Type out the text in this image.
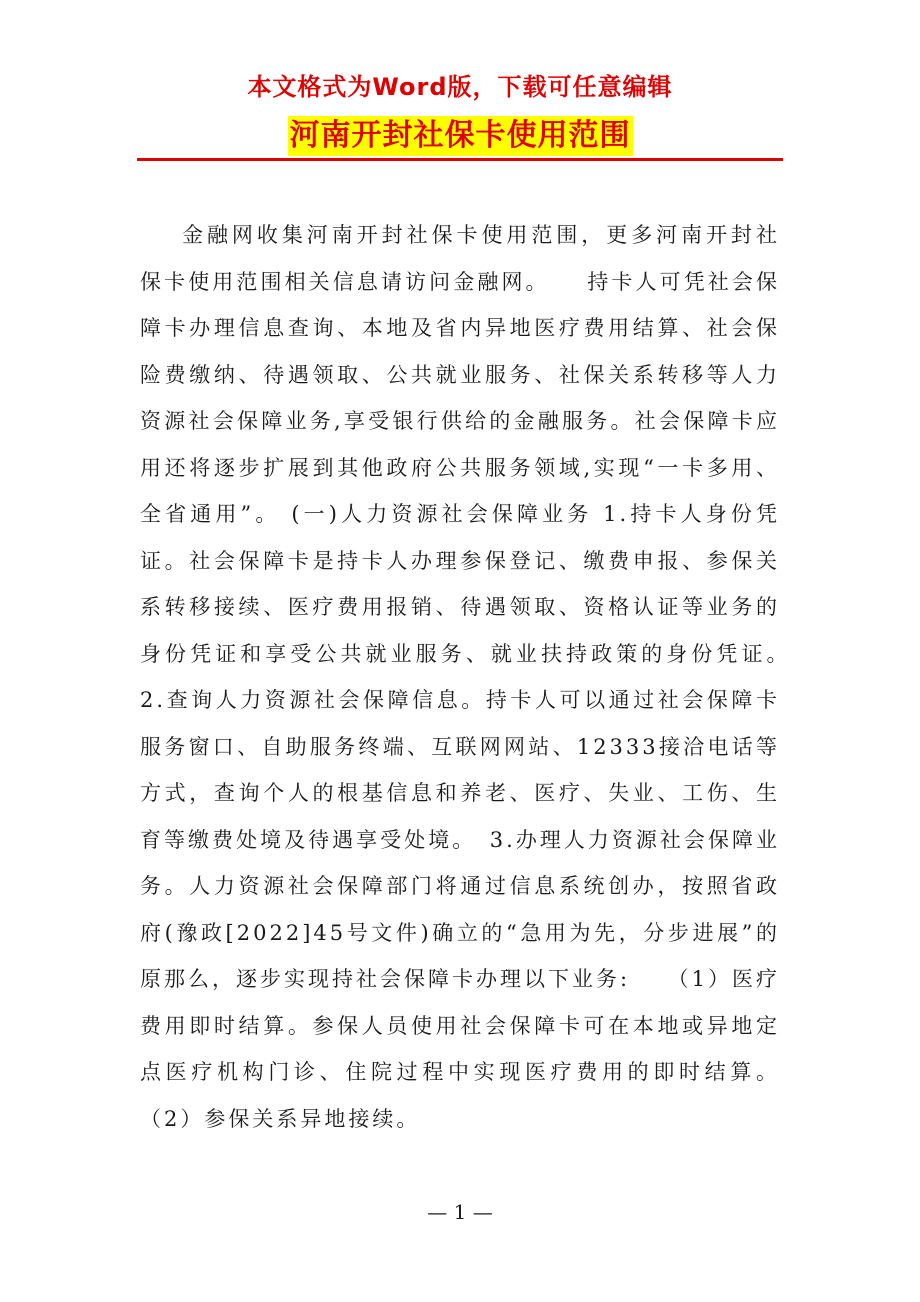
本文格式为Word版，下载可任意编辑
河南开封社保卡使用范围

金融网收集河南开封社保卡使用范围，更多河南开封社保卡使用范围相关信息请访问金融网。　　持卡人可凭社会保障卡办理信息查询、本地及省内异地医疗费用结算、社会保险费缴纳、待遇领取、公共就业服务、社保关系转移等人力资源社会保障业务,享受银行供给的金融服务。社会保障卡应用还将逐步扩展到其他政府公共服务领域,实现“一卡多用、全省通用”。 (一)人力资源社会保障业务 1.持卡人身份凭证。社会保障卡是持卡人办理参保登记、缴费申报、参保关系转移接续、医疗费用报销、待遇领取、资格认证等业务的身份凭证和享受公共就业服务、就业扶持政策的身份凭证。　2.查询人力资源社会保障信息。持卡人可以通过社会保障卡服务窗口、自助服务终端、互联网网站、12333接洽电话等方式，查询个人的根基信息和养老、医疗、失业、工伤、生育等缴费处境及待遇享受处境。　3.办理人力资源社会保障业务。人力资源社会保障部门将通过信息系统创办，按照省政府(豫政[2022]45号文件)确立的“急用为先，分步进展”的原那么，逐步实现持社会保障卡办理以下业务:　　（1）医疗费用即时结算。参保人员使用社会保障卡可在本地或异地定点医疗机构门诊、住院过程中实现医疗费用的即时结算。 （2）参保关系异地接续。

— 1 —
